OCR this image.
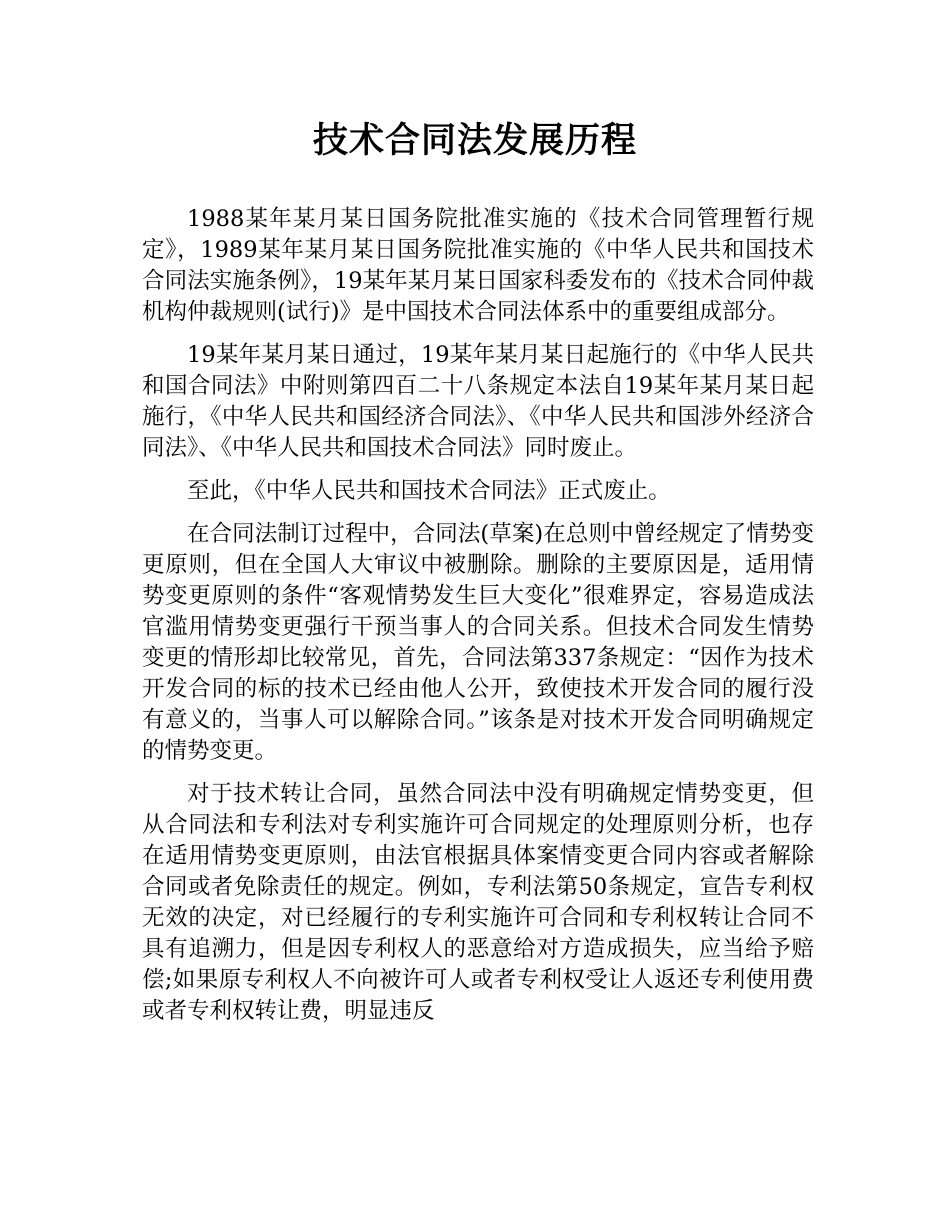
技术合同法发展历程

1988某年某月某日国务院批准实施的《技术合同管理暂行规定》，1989某年某月某日国务院批准实施的《中华人民共和国技术合同法实施条例》，19某年某月某日国家科委发布的《技术合同仲裁机构仲裁规则(试行)》是中国技术合同法体系中的重要组成部分。

19某年某月某日通过，19某年某月某日起施行的《中华人民共和国合同法》中附则第四百二十八条规定本法自19某年某月某日起施行，《中华人民共和国经济合同法》、《中华人民共和国涉外经济合同法》、《中华人民共和国技术合同法》同时废止。

至此，《中华人民共和国技术合同法》正式废止。

在合同法制订过程中，合同法(草案)在总则中曾经规定了情势变更原则，但在全国人大审议中被删除。删除的主要原因是，适用情势变更原则的条件“客观情势发生巨大变化”很难界定，容易造成法官滥用情势变更强行干预当事人的合同关系。但技术合同发生情势变更的情形却比较常见，首先，合同法第337条规定：“因作为技术开发合同的标的技术已经由他人公开，致使技术开发合同的履行没有意义的，当事人可以解除合同。”该条是对技术开发合同明确规定的情势变更。

对于技术转让合同，虽然合同法中没有明确规定情势变更，但从合同法和专利法对专利实施许可合同规定的处理原则分析，也存在适用情势变更原则，由法官根据具体案情变更合同内容或者解除合同或者免除责任的规定。例如，专利法第50条规定，宣告专利权无效的决定，对已经履行的专利实施许可合同和专利权转让合同不具有追溯力，但是因专利权人的恶意给对方造成损失，应当给予赔偿;如果原专利权人不向被许可人或者专利权受让人返还专利使用费或者专利权转让费，明显违反
